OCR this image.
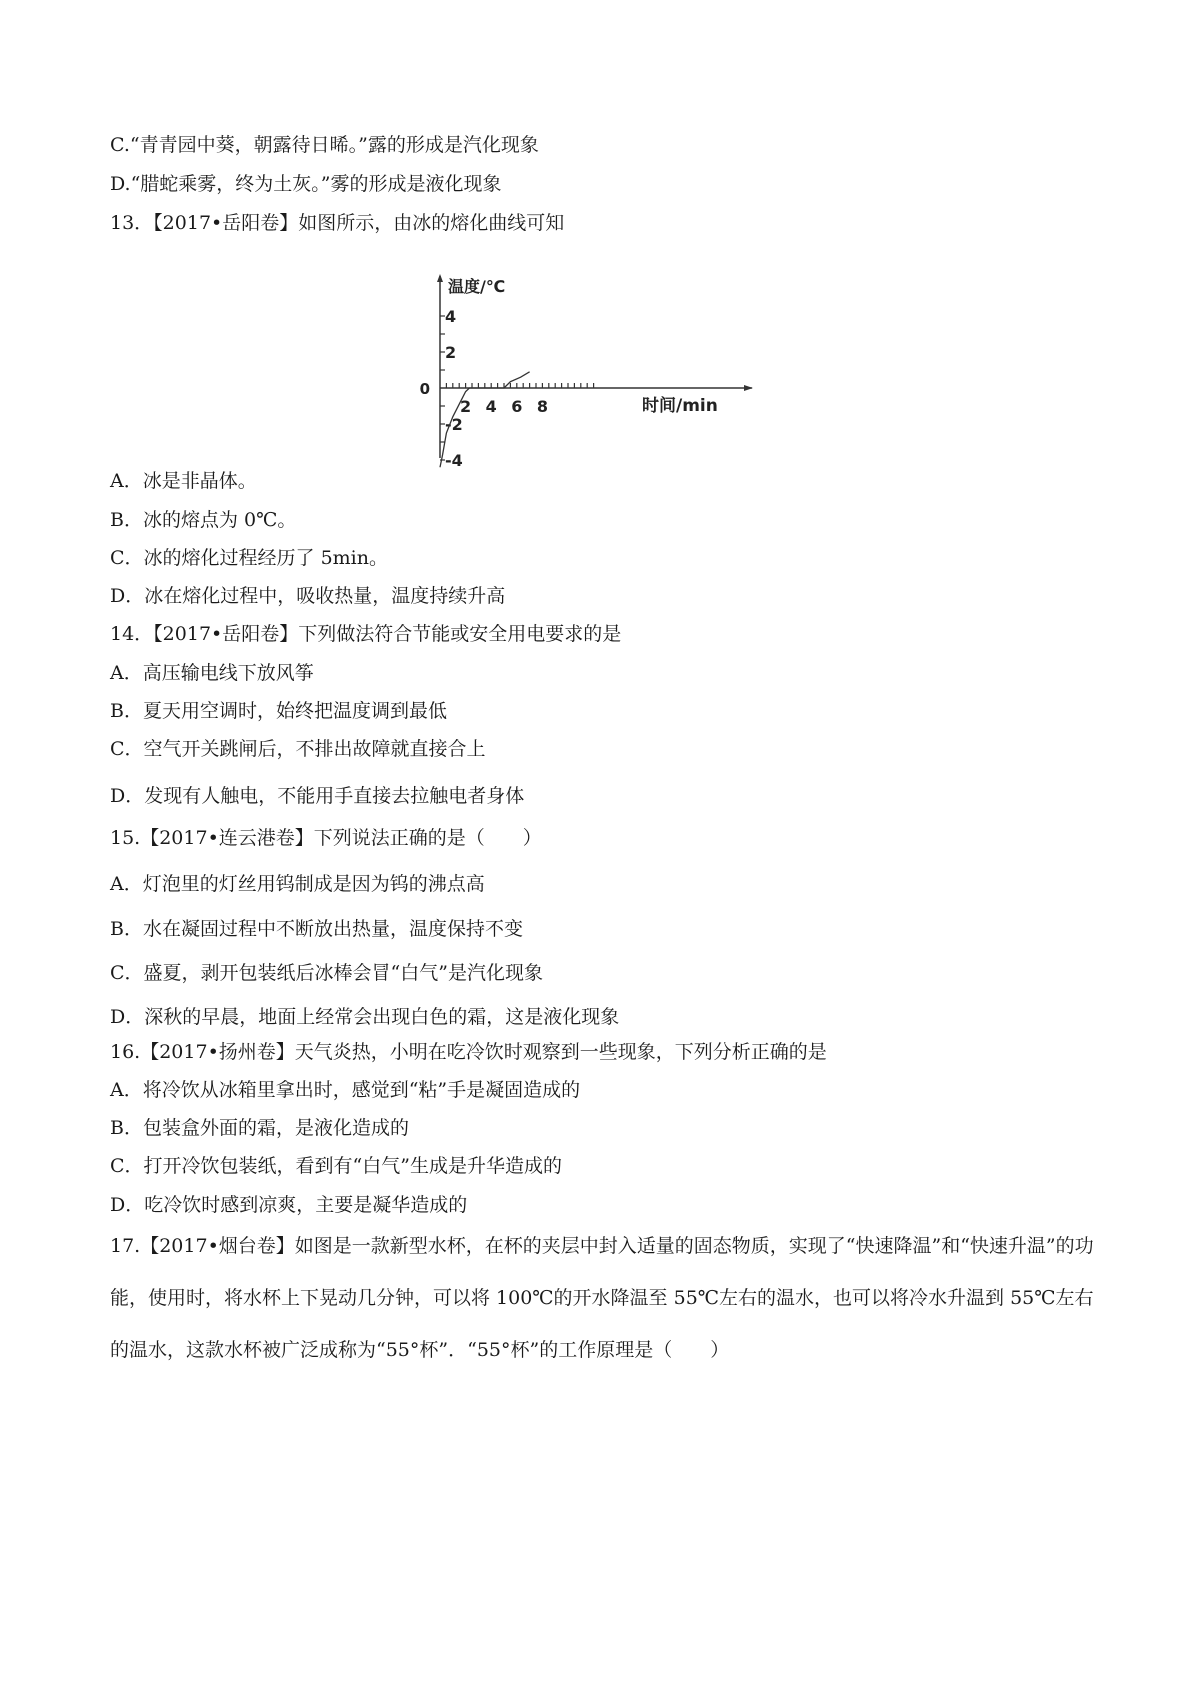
C.“青青园中葵，朝露待日晞。”露的形成是汽化现象
D.“腊蛇乘雾，终为土灰。”雾的形成是液化现象
13．【2017•岳阳卷】如图所示，由冰的熔化曲线可知
温度/℃
时间/min
0
2 4 6 8
4
2
-2
-4
A．冰是非晶体。
B．冰的熔点为 0℃。
C．冰的熔化过程经历了 5min。
D．冰在熔化过程中，吸收热量，温度持续升高
14．【2017•岳阳卷】下列做法符合节能或安全用电要求的是
A．高压输电线下放风筝
B．夏天用空调时，始终把温度调到最低
C．空气开关跳闸后，不排出故障就直接合上
D．发现有人触电，不能用手直接去拉触电者身体
15.【2017•连云港卷】下列说法正确的是（　　）
A．灯泡里的灯丝用钨制成是因为钨的沸点高
B．水在凝固过程中不断放出热量，温度保持不变
C．盛夏，剥开包装纸后冰棒会冒“白气”是汽化现象
D．深秋的早晨，地面上经常会出现白色的霜，这是液化现象
16.【2017•扬州卷】天气炎热，小明在吃冷饮时观察到一些现象，下列分析正确的是
A．将冷饮从冰箱里拿出时，感觉到“粘”手是凝固造成的
B．包装盒外面的霜，是液化造成的
C．打开冷饮包装纸，看到有“白气”生成是升华造成的
D．吃冷饮时感到凉爽，主要是凝华造成的
17.【2017•烟台卷】如图是一款新型水杯，在杯的夹层中封入适量的固态物质，实现了“快速降温”和“快速升温”的功能，使用时，将水杯上下晃动几分钟，可以将 100℃的开水降温至 55℃左右的温水，也可以将冷水升温到 55℃左右的温水，这款水杯被广泛成称为“55°杯”．“55°杯”的工作原理是（　　）
